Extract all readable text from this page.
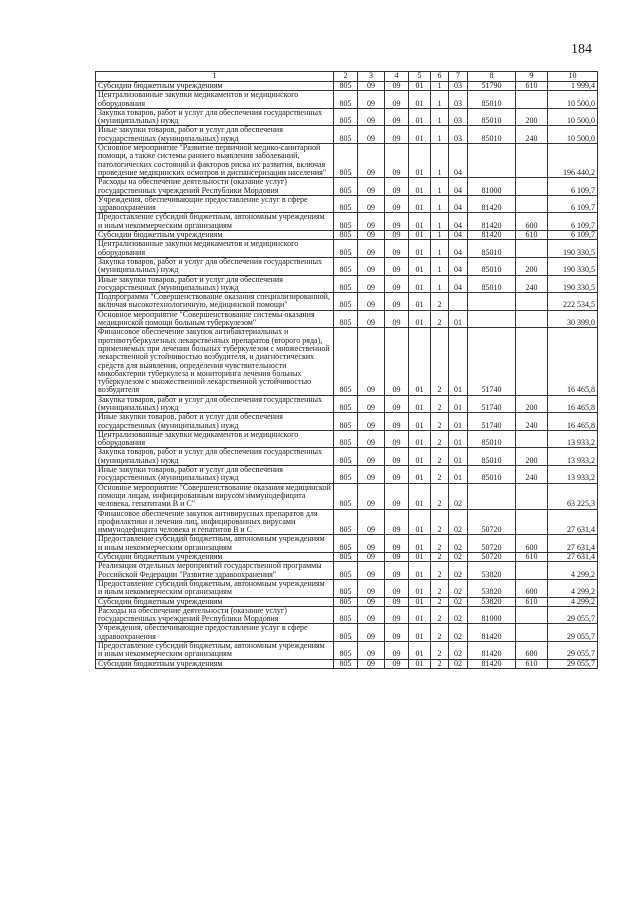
184
1	2	3	4	5	6	7	8	9	10
Субсидии бюджетным учреждениям	805	09	09	01	1	03	51790	610	1 999,4
Централизованные закупки медикаментов и медицинского оборудования	805	09	09	01	1	03	85010		10 500,0
Закупка товаров, работ и услуг для обеспечения государственных (муниципальных) нужд	805	09	09	01	1	03	85010	200	10 500,0
Иные закупки товаров, работ и услуг для обеспечения государственных (муниципальных) нужд	805	09	09	01	1	03	85010	240	10 500,0
Основное мероприятие "Развитие первичной медико-санитарной помощи, а также системы раннего выявления заболеваний, патологических состояний и факторов риска их развития, включая проведение медицинских осмотров и диспансеризации населения"	805	09	09	01	1	04			196 440,2
Расходы на обеспечение деятельности (оказание услуг) государственных учреждений Республики Мордовия	805	09	09	01	1	04	81000		6 109,7
Учреждения, обеспечивающие предоставление услуг в сфере здравоохранения	805	09	09	01	1	04	81420		6 109,7
Предоставление субсидий бюджетным, автономным учреждениям и иным некоммерческим организациям	805	09	09	01	1	04	81420	600	6 109,7
Субсидии бюджетным учреждениям	805	09	09	01	1	04	81420	610	6 109,7
Централизованные закупки медикаментов и медицинского оборудования	805	09	09	01	1	04	85010		190 330,5
Закупка товаров, работ и услуг для обеспечения государственных (муниципальных) нужд	805	09	09	01	1	04	85010	200	190 330,5
Иные закупки товаров, работ и услуг для обеспечения государственных (муниципальных) нужд	805	09	09	01	1	04	85010	240	190 330,5
Подпрограмма "Совершенствование оказания специализированной, включая высокотехнологичную, медицинской помощи"	805	09	09	01	2				222 534,5
Основное мероприятие "Совершенствование системы оказания медицинской помощи больным туберкулезом"	805	09	09	01	2	01			30 399,0
Финансовое обеспечение закупок антибактериальных и противотуберкулезных лекарственных препаратов (второго ряда), применяемых при лечении больных туберкулезом с множественной лекарственной устойчивостью возбудителя, и диагностических средств для выявления, определения чувствительности микобактерии туберкулеза и мониторинга лечения больных туберкулезом с множественной лекарственной устойчивостью возбудителя	805	09	09	01	2	01	51740		16 465,8
Закупка товаров, работ и услуг для обеспечения государственных (муниципальных) нужд	805	09	09	01	2	01	51740	200	16 465,8
Иные закупки товаров, работ и услуг для обеспечения государственных (муниципальных) нужд	805	09	09	01	2	01	51740	240	16 465,8
Централизованные закупки медикаментов и медицинского оборудования	805	09	09	01	2	01	85010		13 933,2
Закупка товаров, работ и услуг для обеспечения государственных (муниципальных) нужд	805	09	09	01	2	01	85010	200	13 933,2
Иные закупки товаров, работ и услуг для обеспечения государственных (муниципальных) нужд	805	09	09	01	2	01	85010	240	13 933,2
Основное мероприятие "Совершенствование оказания медицинской помощи лицам, инфицированным вирусом иммунодефицита человека, гепатитами В и С"	805	09	09	01	2	02			63 225,3
Финансовое обеспечение закупок антивирусных препаратов для профилактики и лечения лиц, инфицированных вирусами иммунодефицита человека и гепатитов В и С	805	09	09	01	2	02	50720		27 631,4
Предоставление субсидий бюджетным, автономным учреждениям и иным некоммерческим организациям	805	09	09	01	2	02	50720	600	27 631,4
Субсидии бюджетным учреждениям	805	09	09	01	2	02	50720	610	27 631,4
Реализация отдельных мероприятий государственной программы Российской Федерации "Развитие здравоохранения"	805	09	09	01	2	02	53820		4 299,2
Предоставление субсидий бюджетным, автономным учреждениям и иным некоммерческим организациям	805	09	09	01	2	02	53820	600	4 299,2
Субсидии бюджетным учреждениям	805	09	09	01	2	02	53820	610	4 299,2
Расходы на обеспечение деятельности (оказание услуг) государственных учреждений Республики Мордовия	805	09	09	01	2	02	81000		29 055,7
Учреждения, обеспечивающие предоставление услуг в сфере здравоохранения	805	09	09	01	2	02	81420		29 055,7
Предоставление субсидий бюджетным, автономным учреждениям и иным некоммерческим организациям	805	09	09	01	2	02	81420	600	29 055,7
Субсидии бюджетным учреждениям	805	09	09	01	2	02	81420	610	29 055,7
